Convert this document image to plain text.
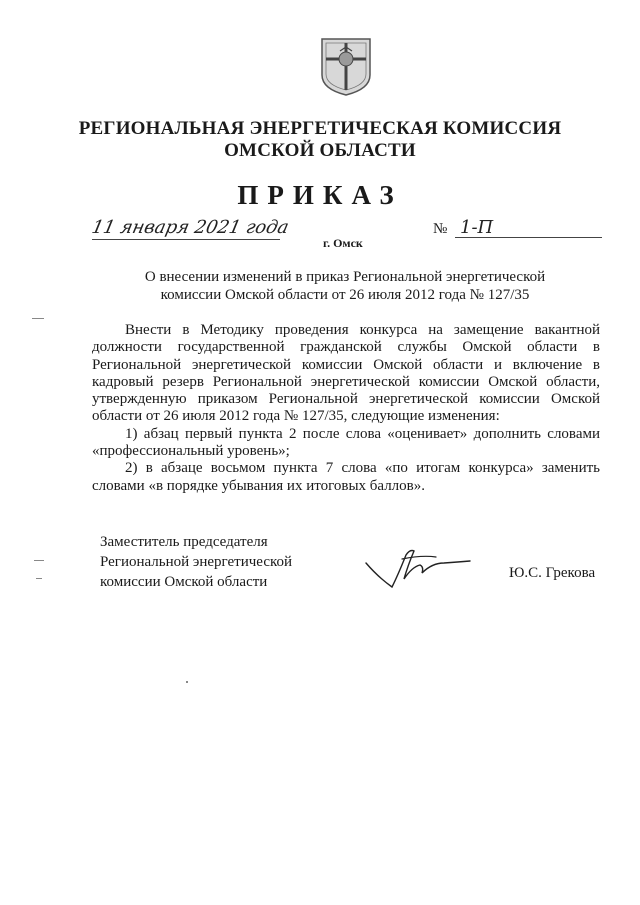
РЕГИОНАЛЬНАЯ ЭНЕРГЕТИЧЕСКАЯ КОМИССИЯ
ОМСКОЙ ОБЛАСТИ
ПРИКАЗ
11 января 2021 года
г. Омск
№ 1-П
О внесении изменений в приказ Региональной энергетической
комиссии Омской области от 26 июля 2012 года № 127/35

Внести в Методику проведения конкурса на замещение вакантной должности государственной гражданской службы Омской области в Региональной энергетической комиссии Омской области и включение в кадровый резерв Региональной энергетической комиссии Омской области, утвержденную приказом Региональной энергетической комиссии Омской области от 26 июля 2012 года № 127/35, следующие изменения:

1) абзац первый пункта 2 после слова «оценивает» дополнить словами «профессиональный уровень»;

2) в абзаце восьмом пункта 7 слова «по итогам конкурса» заменить словами «в порядке убывания их итоговых баллов».

Заместитель председателя
Региональной энергетической
комиссии Омской области
Ю.С. Грекова
